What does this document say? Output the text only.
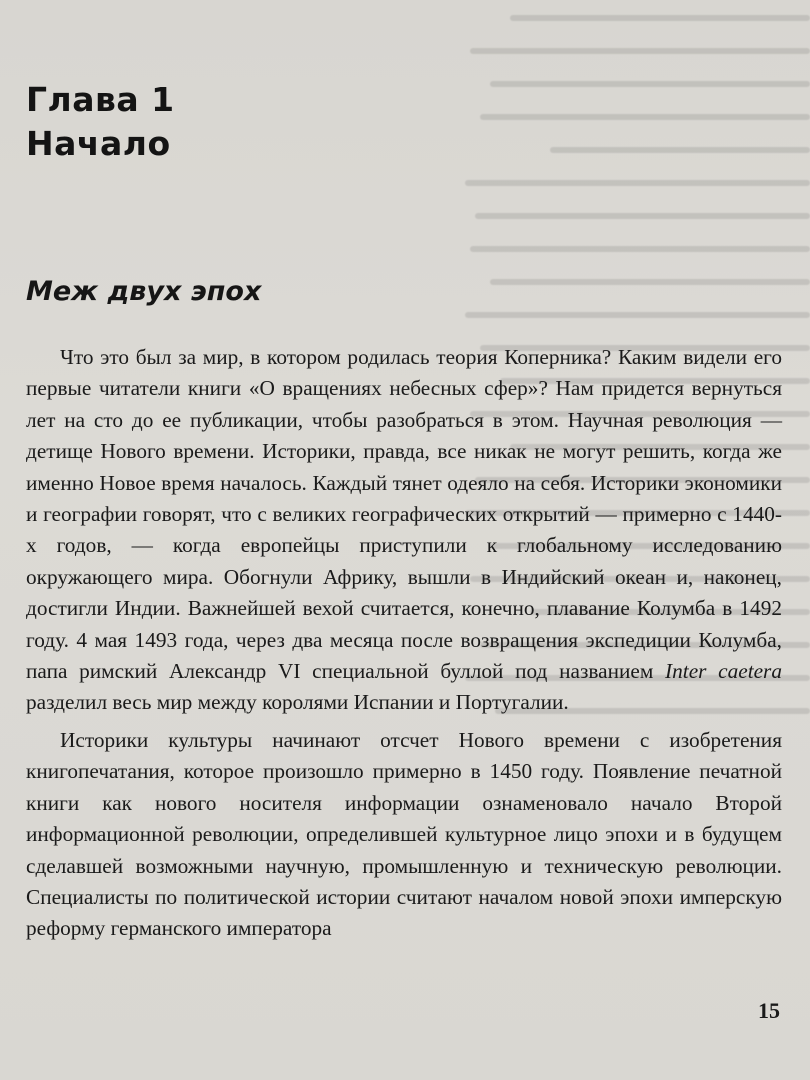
Глава 1
Начало
Меж двух эпох

Что это был за мир, в котором родилась теория Коперника? Каким видели его первые читатели книги «О вращениях небесных сфер»? Нам придется вернуться лет на сто до ее публикации, чтобы разобраться в этом. Научная революция — детище Нового времени. Историки, правда, все никак не могут решить, когда же именно Новое время началось. Каждый тянет одеяло на себя. Историки экономики и географии говорят, что с великих географических открытий — примерно с 1440-х годов, — когда европейцы приступили к глобальному исследованию окружающего мира. Обогнули Африку, вышли в Индийский океан и, наконец, достигли Индии. Важнейшей вехой считается, конечно, плавание Колумба в 1492 году. 4 мая 1493 года, через два месяца после возвращения экспедиции Колумба, папа римский Александр VI специальной буллой под названием Inter caetera разделил весь мир между королями Испании и Португалии.

Историки культуры начинают отсчет Нового времени с изобретения книгопечатания, которое произошло примерно в 1450 году. Появление печатной книги как нового носителя информации ознаменовало начало Второй информационной революции, определившей культурное лицо эпохи и в будущем сделавшей возможными научную, промышленную и техническую революции. Специалисты по политической истории считают началом новой эпохи имперскую реформу германского императора

15
